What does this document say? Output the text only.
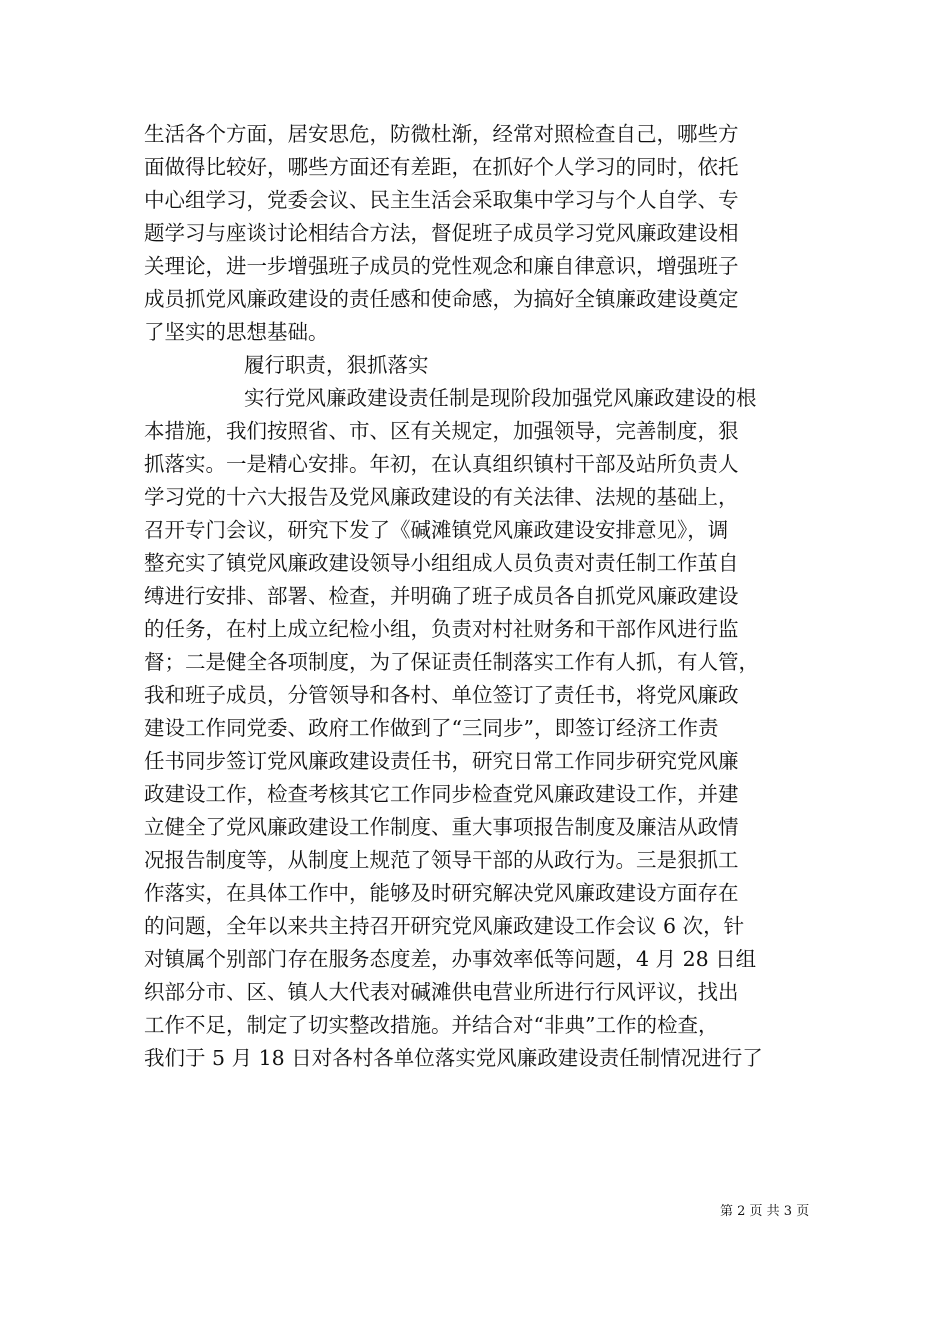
生活各个方面，居安思危，防微杜渐，经常对照检查自己，哪些方
面做得比较好，哪些方面还有差距，在抓好个人学习的同时，依托
中心组学习，党委会议、民主生活会采取集中学习与个人自学、专
题学习与座谈讨论相结合方法，督促班子成员学习党风廉政建设相
关理论，进一步增强班子成员的党性观念和廉自律意识，增强班子
成员抓党风廉政建设的责任感和使命感，为搞好全镇廉政建设奠定
了坚实的思想基础。
履行职责，狠抓落实
实行党风廉政建设责任制是现阶段加强党风廉政建设的根
本措施，我们按照省、市、区有关规定，加强领导，完善制度，狠
抓落实。一是精心安排。年初，在认真组织镇村干部及站所负责人
学习党的十六大报告及党风廉政建设的有关法律、法规的基础上，
召开专门会议，研究下发了《碱滩镇党风廉政建设安排意见》，调
整充实了镇党风廉政建设领导小组组成人员负责对责任制工作茧自
缚进行安排、部署、检查，并明确了班子成员各自抓党风廉政建设
的任务，在村上成立纪检小组，负责对村社财务和干部作风进行监
督；二是健全各项制度，为了保证责任制落实工作有人抓，有人管，
我和班子成员，分管领导和各村、单位签订了责任书，将党风廉政
建设工作同党委、政府工作做到了“三同步”，即签订经济工作责
任书同步签订党风廉政建设责任书，研究日常工作同步研究党风廉
政建设工作，检查考核其它工作同步检查党风廉政建设工作，并建
立健全了党风廉政建设工作制度、重大事项报告制度及廉洁从政情
况报告制度等，从制度上规范了领导干部的从政行为。三是狠抓工
作落实，在具体工作中，能够及时研究解决党风廉政建设方面存在
的问题，全年以来共主持召开研究党风廉政建设工作会议 6 次，针
对镇属个别部门存在服务态度差，办事效率低等问题，4 月 28 日组
织部分市、区、镇人大代表对碱滩供电营业所进行行风评议，找出
工作不足，制定了切实整改措施。并结合对“非典”工作的检查，
我们于 5 月 18 日对各村各单位落实党风廉政建设责任制情况进行了
第 2 页 共 3 页
